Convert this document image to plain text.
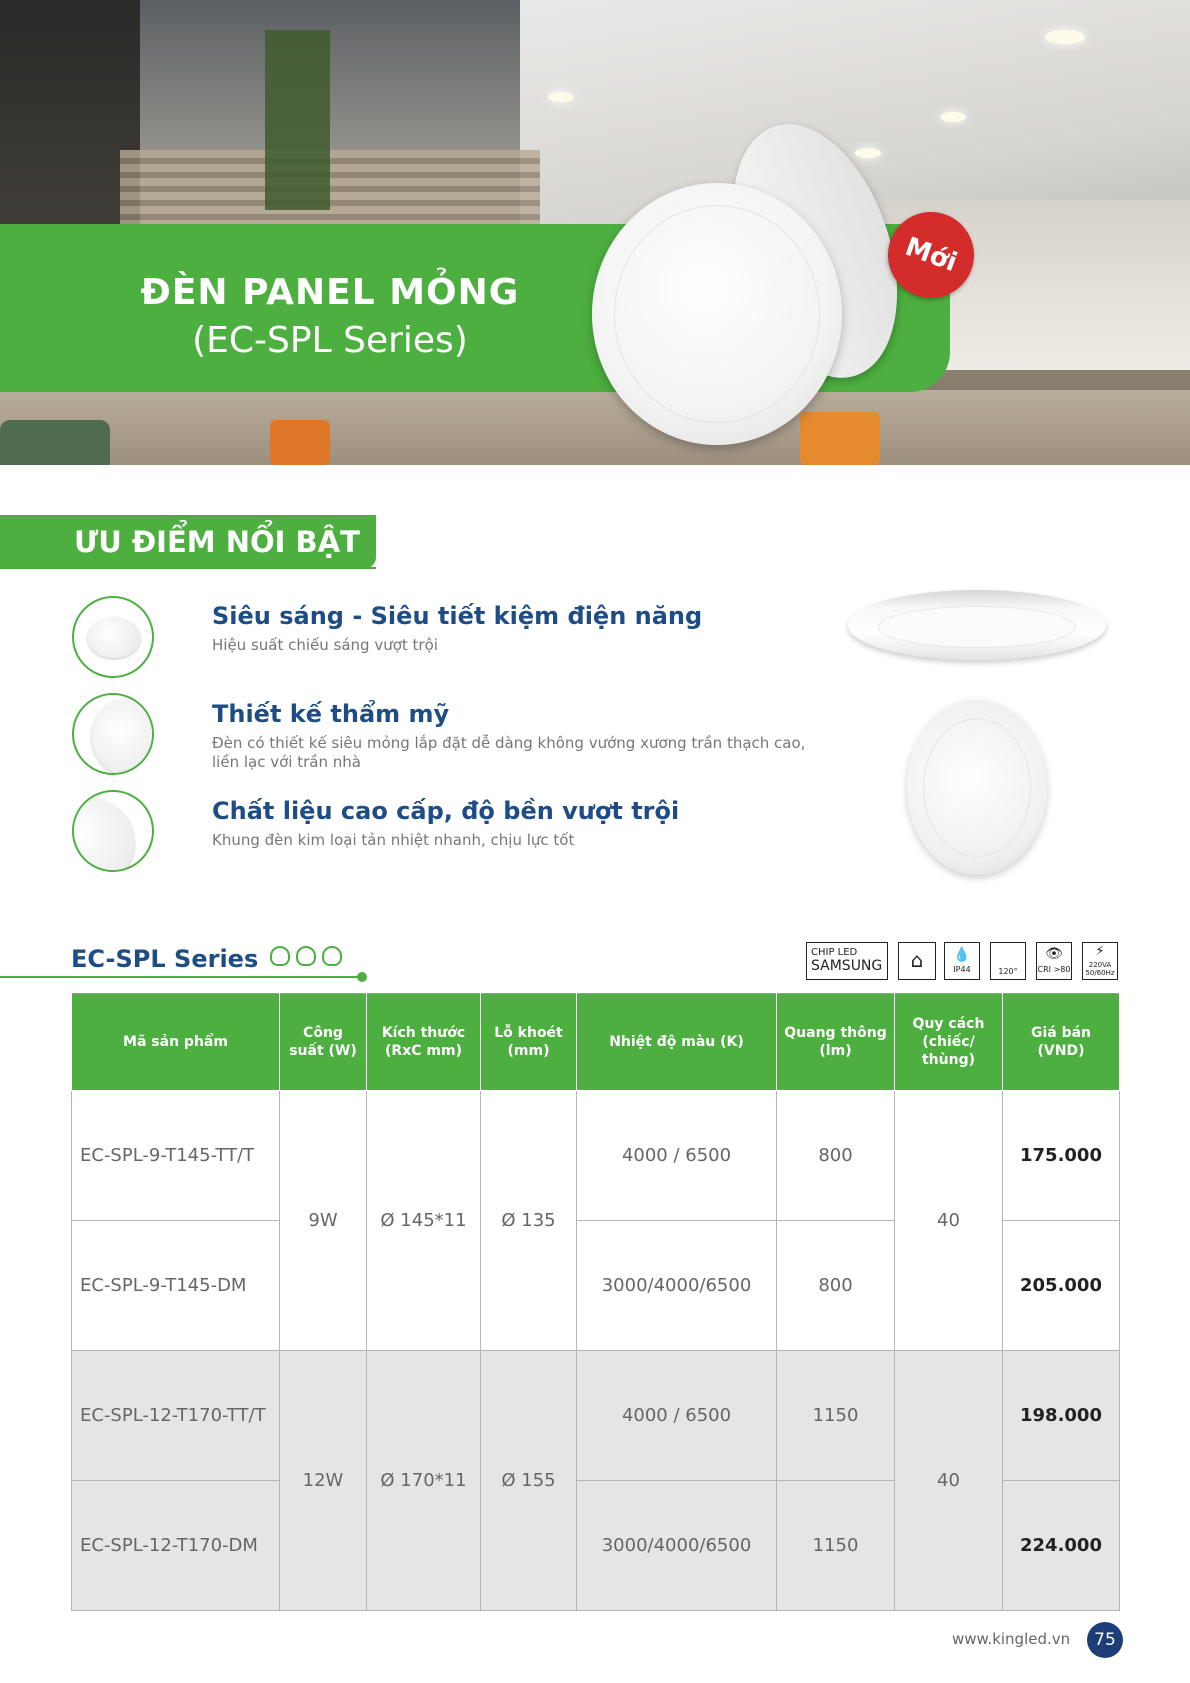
ĐÈN PANEL MỎNG
(EC-SPL Series)
Mới
ƯU ĐIỂM NỔI BẬT
Siêu sáng - Siêu tiết kiệm điện năng
Hiệu suất chiếu sáng vượt trội
Thiết kế thẩm mỹ
Đèn có thiết kế siêu mỏng lắp đặt dễ dàng không vướng xương trần thạch cao, liền lạc với trần nhà
Chất liệu cao cấp, độ bền vượt trội
Khung đèn kim loại tản nhiệt nhanh, chịu lực tốt
EC-SPL Series	CHIP LED
SAMSUNG	⌂	💧
IP44	120°
👁
CRI >80
⚡
220VA
50/60Hz
Mã sản phẩm	Công suất (W)	Kích thước (RxC mm)	Lỗ khoét (mm)	Nhiệt độ màu (K)	Quang thông (lm)	Quy cách (chiếc/ thùng)	Giá bán (VND)
EC-SPL-9-T145-TT/T	9W	Ø 145*11	Ø 135	4000 / 6500	800	40	175.000
EC-SPL-9-T145-DM				3000/4000/6500	800		205.000
EC-SPL-12-T170-TT/T	12W	Ø 170*11	Ø 155	4000 / 6500	1150	40	198.000
EC-SPL-12-T170-DM				3000/4000/6500	1150		224.000
www.kingled.vn	75
